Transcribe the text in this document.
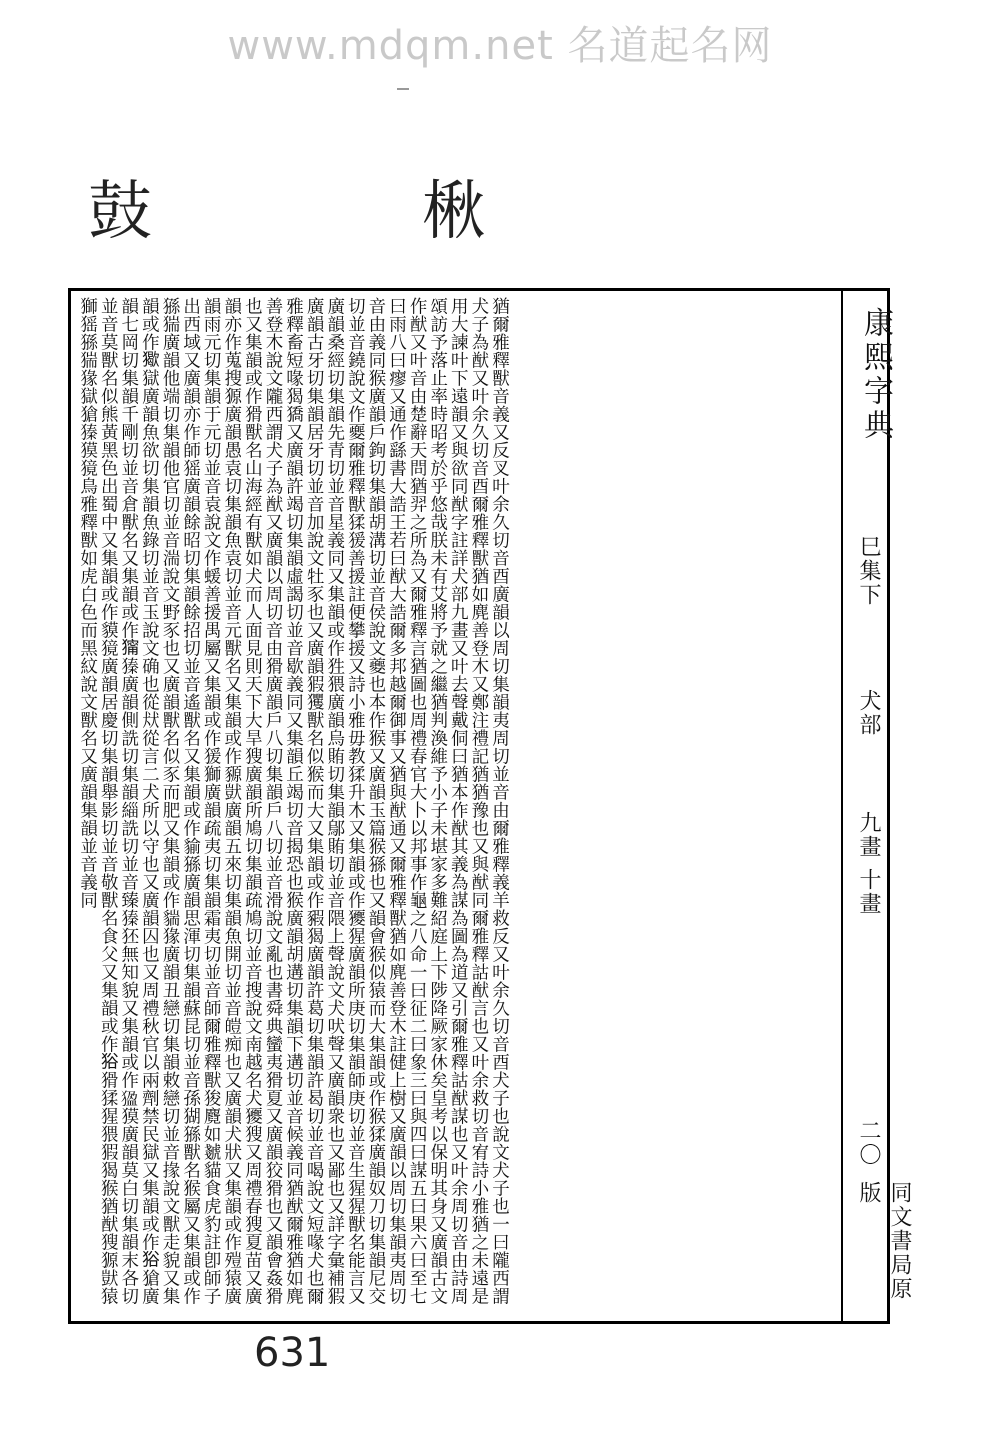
www.mdqm.net 名道起名网
鼓	楸
康熙字典
巳集下
犬部
九畫 十畫
二〇
同文書局原版
猶爾雅釋獸音義又反叉叶余久切音酉廣韻以周切集韻夷周切並音由爾雅釋義羊救反又叶余久切音酉犬子也說文犬子也一曰隴西謂犬子為猷又叶余久切音酉爾雅釋獸猶如麂善登木又鄭注禮記猶猶豫也又與猷同爾雅釋詁猷言也又叶余救切音宥詩小雅猶之未遠是用大諫叶下遠韻又與欲同猷字註詳犬部九畫又叶去聲戴侗曰猶本作猷其義為謀為圖為道又引爾雅釋詁猷謀也又叶余周切音由詩周頌訪予落止率時昭考於乎悠哉朕未有艾將予就之繼猶判渙維予小子未堪家多難紹庭上下陟降厥家休矣皇考以保明其身又廣韻古文作猷又叶音由楚辭天問猶羿之所為又爾雅釋言猶圖也周禮春官大卜以邦事作龜之八命一曰征二曰象三曰與四曰謀五曰果六曰至七曰雨八曰瘳又通作繇書大誥王若曰猷大誥爾多邦越爾御事又猶與猷通又爾雅釋獸猶如麂善登木註健上樹又廣韻以周切集韻夷周切音由義同猴廣韻戶鉤切集韻胡溝切並音侯說文夔也本作猴又廣韻玉篇猴猻也又韻會猴似猿而大集韻或作猴猱廣韻奴刀切集韻尼交切並音鐃說文作夒爾雅釋獸猱猨善援註便攀援又詩小雅毋教猱升木又集韻或作獿猩廣韻所庚切集韻師庚切並音生猩猩獸名能言又廣韻桑經切集韻先青切並音星義同又集韻或作狌猥廣韻烏賄切集韻鄔賄切並音隈上聲說文犬吠聲又廣韻衆也又鄙也又詳字彙補猳廣韻古牙切集韻居牙切並音加說文牡豕也又廣韻猳玃獸名似猴而大又集韻或作豭猲廣韻許葛切集韻許曷切並音喝說文短喙犬也爾雅釋畜短喙猲獢又廣韻許竭切集韻虛謁切並音歇義同又集韻丘竭切音揭恐也猴廣韻胡遘切集韻下遘切並音候義同猶猷爾雅猶如麂善登木說文隴西謂犬子為猷又廣韻以周切音由猾廣韻戶八切集韻戶八切並音滑說文亂也書舜典蠻夷猾夏又廣韻狡猾也又韻會姦猾也又集韻或作猾獸名山海經有獸如犬而人面見則天下大旱獀廣韻所鳩切集韻疏鳩切並音搜說文南越名犬獿獀又周禮春獀夏苗又廣韻亦作蒐搜獂廣韻愚袁切集韻魚袁切並音元獸名又集韻或作豲獃廣韻五來切集韻魚開切並音皚痴也又廣韻犬狀又集韻或作㱯猿廣韻雨元切集韻于元切並音袁說文作蝯善援禺屬又集韻或作猨獅廣韻疏夷切集韻霜夷切並音師爾雅釋獸狻麑如虦貓食虎豹註卽師子出西域又廣韻亦作師猺廣韻餘昭切集韻餘招切並音遙獸名又集韻或作貐猻廣韻思渾切集韻蘇昆切並音孫猢猻獸名猴屬又集韻或作猻猯廣韻他端切集韻他官切並音湍說文野豕也又廣韻獸名似豕而肥又集韻或作貒猭廣韻丑戀切集韻敕戀切並音掾說文獸走貌又集韻或作𤢔獄廣韻魚欲切集韻魚錄切並音玉說文确也從㹜從言二犬所以守也又廣韻囚也又周禮秋官以兩劑禁民獄又集韻或作𤞞獊廣韻七岡切集韻千剛切並音倉獸名又集韻或作𤢆獉廣韻側詵切集韻緇詵切並音臻獉狉無知貌又集韻或作𤟣獏廣韻莫白切集韻末各切並音莫獸名似熊黃黑色出蜀中又集韻或作貘獍廣韻居慶切集韻舉影切並音敬獸名食父又集韻或作𤞞猾猱猩猥猳猲猴猶猷獀獂獃猿獅猺猻猯猭獄獊獉獏獍鳥雅釋獸如虎白色而黑紋說文獸名又廣韻集韻並音義同
631
